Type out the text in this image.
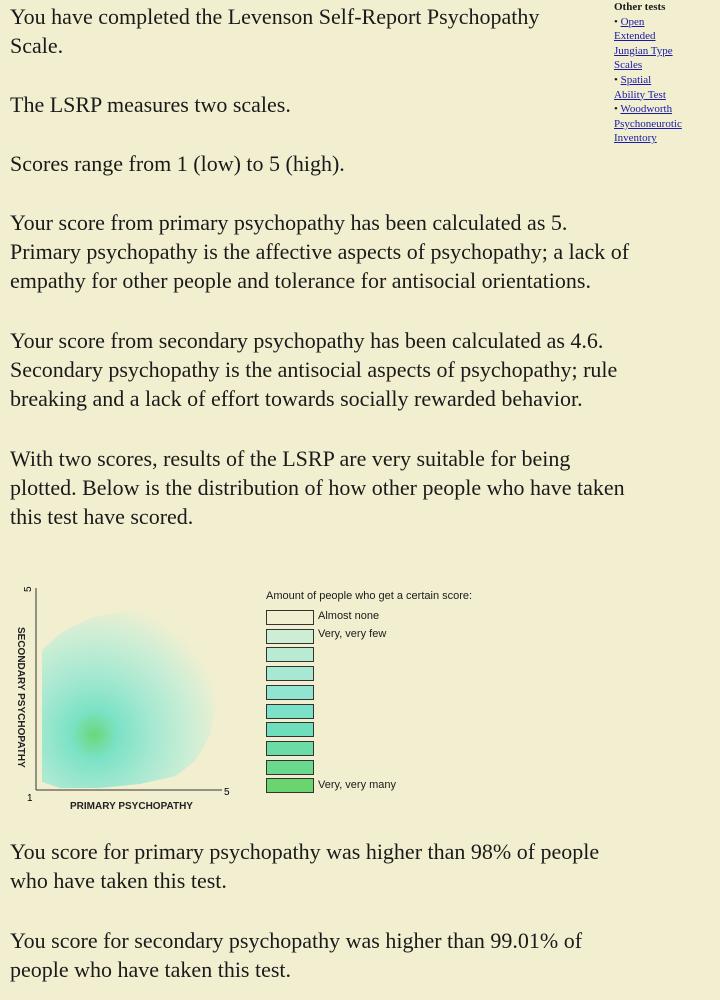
You have completed the Levenson Self-Report Psychopathy

Scale.

The LSRP measures two scales.

Scores range from 1 (low) to 5 (high).

Your score from primary psychopathy has been calculated as 5.

Primary psychopathy is the affective aspects of psychopathy; a lack of

empathy for other people and tolerance for antisocial orientations.

Your score from secondary psychopathy has been calculated as 4.6.

Secondary psychopathy is the antisocial aspects of psychopathy; rule

breaking and a lack of effort towards socially rewarded behavior.

With two scores, results of the LSRP are very suitable for being

plotted. Below is the distribution of how other people who have taken

this test have scored.

You score for primary psychopathy was higher than 98% of people

who have taken this test.

You score for secondary psychopathy was higher than 99.01% of

people who have taken this test.

Other tests
• Open
Extended
Jungian Type
Scales
• Spatial
Ability Test
• Woodworth
Psychoneurotic
Inventory
5
1
5
PRIMARY PSYCHOPATHY
SECONDARY PSYCHOPATHY
Amount of people who get a certain score:
Almost none
Very, very few
Very, very many
